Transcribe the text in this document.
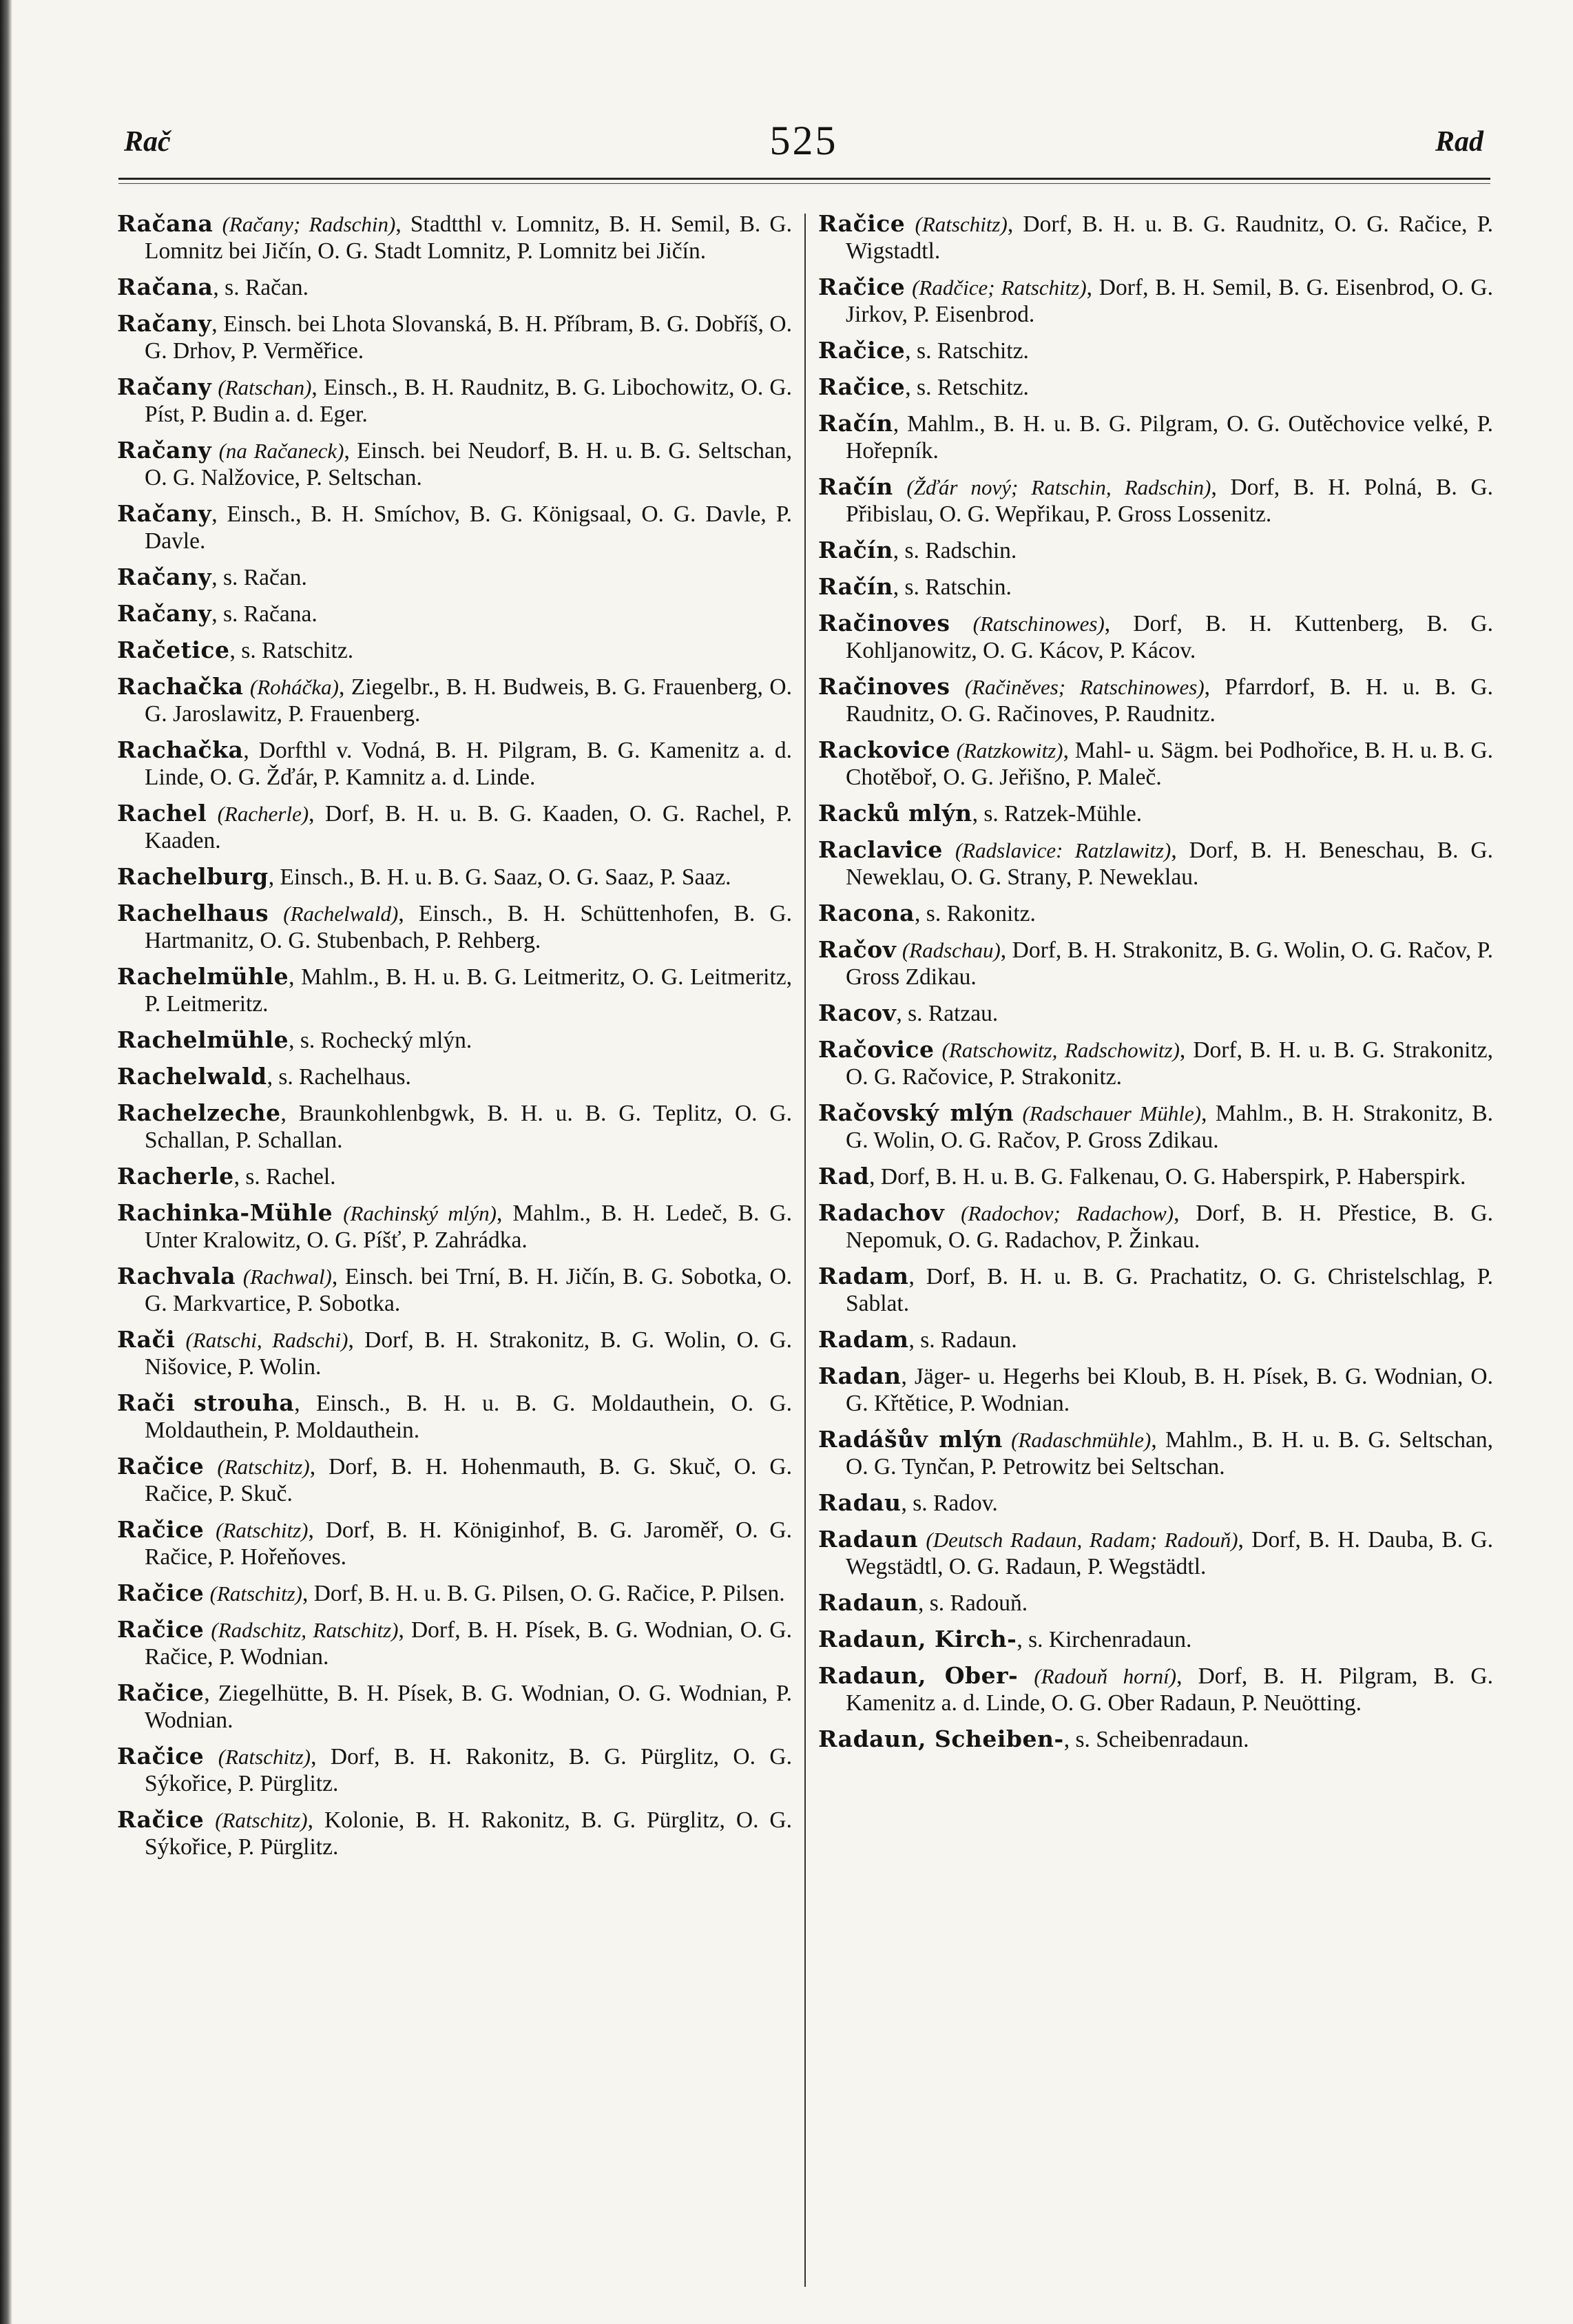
Rač	525	Rad

Račana (Račany; Radschin), Stadtthl v. Lomnitz, B. H. Semil, B. G. Lomnitz bei Jičín, O. G. Stadt Lomnitz, P. Lomnitz bei Jičín.

Račana, s. Račan.

Račany, Einsch. bei Lhota Slovanská, B. H. Příbram, B. G. Dobříš, O. G. Drhov, P. Verměřice.

Račany (Ratschan), Einsch., B. H. Raudnitz, B. G. Libochowitz, O. G. Píst, P. Budin a. d. Eger.

Račany (na Račaneck), Einsch. bei Neudorf, B. H. u. B. G. Seltschan, O. G. Nalžovice, P. Seltschan.

Račany, Einsch., B. H. Smíchov, B. G. Königsaal, O. G. Davle, P. Davle.

Račany, s. Račan.

Račany, s. Račana.

Račetice, s. Ratschitz.

Rachačka (Roháčka), Ziegelbr., B. H. Budweis, B. G. Frauenberg, O. G. Jaroslawitz, P. Frauenberg.

Rachačka, Dorfthl v. Vodná, B. H. Pilgram, B. G. Kamenitz a. d. Linde, O. G. Žďár, P. Kamnitz a. d. Linde.

Rachel (Racherle), Dorf, B. H. u. B. G. Kaaden, O. G. Rachel, P. Kaaden.

Rachelburg, Einsch., B. H. u. B. G. Saaz, O. G. Saaz, P. Saaz.

Rachelhaus (Rachelwald), Einsch., B. H. Schüttenhofen, B. G. Hartmanitz, O. G. Stubenbach, P. Rehberg.

Rachelmühle, Mahlm., B. H. u. B. G. Leitmeritz, O. G. Leitmeritz, P. Leitmeritz.

Rachelmühle, s. Rochecký mlýn.

Rachelwald, s. Rachelhaus.

Rachelzeche, Braunkohlenbgwk, B. H. u. B. G. Teplitz, O. G. Schallan, P. Schallan.

Racherle, s. Rachel.

Rachinka-Mühle (Rachinský mlýn), Mahlm., B. H. Ledeč, B. G. Unter Kralowitz, O. G. Píšť, P. Zahrádka.

Rachvala (Rachwal), Einsch. bei Trní, B. H. Jičín, B. G. Sobotka, O. G. Markvartice, P. Sobotka.

Rači (Ratschi, Radschi), Dorf, B. H. Strakonitz, B. G. Wolin, O. G. Nišovice, P. Wolin.

Rači strouha, Einsch., B. H. u. B. G. Moldauthein, O. G. Moldauthein, P. Moldauthein.

Račice (Ratschitz), Dorf, B. H. Hohenmauth, B. G. Skuč, O. G. Račice, P. Skuč.

Račice (Ratschitz), Dorf, B. H. Königinhof, B. G. Jaroměř, O. G. Račice, P. Hořeňoves.

Račice (Ratschitz), Dorf, B. H. u. B. G. Pilsen, O. G. Račice, P. Pilsen.

Račice (Radschitz, Ratschitz), Dorf, B. H. Písek, B. G. Wodnian, O. G. Račice, P. Wodnian.

Račice, Ziegelhütte, B. H. Písek, B. G. Wodnian, O. G. Wodnian, P. Wodnian.

Račice (Ratschitz), Dorf, B. H. Rakonitz, B. G. Pürglitz, O. G. Sýkořice, P. Pürglitz.

Račice (Ratschitz), Kolonie, B. H. Rakonitz, B. G. Pürglitz, O. G. Sýkořice, P. Pürglitz.

Račice (Ratschitz), Dorf, B. H. u. B. G. Raudnitz, O. G. Račice, P. Wigstadtl.

Račice (Radčice; Ratschitz), Dorf, B. H. Semil, B. G. Eisenbrod, O. G. Jirkov, P. Eisenbrod.

Račice, s. Ratschitz.

Račice, s. Retschitz.

Račín, Mahlm., B. H. u. B. G. Pilgram, O. G. Outěchovice velké, P. Hořepník.

Račín (Žďár nový; Ratschin, Radschin), Dorf, B. H. Polná, B. G. Přibislau, O. G. Wepřikau, P. Gross Lossenitz.

Račín, s. Radschin.

Račín, s. Ratschin.

Račinoves (Ratschinowes), Dorf, B. H. Kuttenberg, B. G. Kohljanowitz, O. G. Kácov, P. Kácov.

Račinoves (Račiněves; Ratschinowes), Pfarrdorf, B. H. u. B. G. Raudnitz, O. G. Račinoves, P. Raudnitz.

Rackovice (Ratzkowitz), Mahl- u. Sägm. bei Podhořice, B. H. u. B. G. Chotěboř, O. G. Jeřišno, P. Maleč.

Racků mlýn, s. Ratzek-Mühle.

Raclavice (Radslavice: Ratzlawitz), Dorf, B. H. Beneschau, B. G. Neweklau, O. G. Strany, P. Neweklau.

Racona, s. Rakonitz.

Račov (Radschau), Dorf, B. H. Strakonitz, B. G. Wolin, O. G. Račov, P. Gross Zdikau.

Racov, s. Ratzau.

Račovice (Ratschowitz, Radschowitz), Dorf, B. H. u. B. G. Strakonitz, O. G. Račovice, P. Strakonitz.

Račovský mlýn (Radschauer Mühle), Mahlm., B. H. Strakonitz, B. G. Wolin, O. G. Račov, P. Gross Zdikau.

Rad, Dorf, B. H. u. B. G. Falkenau, O. G. Haberspirk, P. Haberspirk.

Radachov (Radochov; Radachow), Dorf, B. H. Přestice, B. G. Nepomuk, O. G. Radachov, P. Žinkau.

Radam, Dorf, B. H. u. B. G. Prachatitz, O. G. Christelschlag, P. Sablat.

Radam, s. Radaun.

Radan, Jäger- u. Hegerhs bei Kloub, B. H. Písek, B. G. Wodnian, O. G. Křtětice, P. Wodnian.

Radášův mlýn (Radaschmühle), Mahlm., B. H. u. B. G. Seltschan, O. G. Tynčan, P. Petrowitz bei Seltschan.

Radau, s. Radov.

Radaun (Deutsch Radaun, Radam; Radouň), Dorf, B. H. Dauba, B. G. Wegstädtl, O. G. Radaun, P. Wegstädtl.

Radaun, s. Radouň.

Radaun, Kirch-, s. Kirchenradaun.

Radaun, Ober- (Radouň horní), Dorf, B. H. Pilgram, B. G. Kamenitz a. d. Linde, O. G. Ober Radaun, P. Neuötting.

Radaun, Scheiben-, s. Scheibenradaun.
